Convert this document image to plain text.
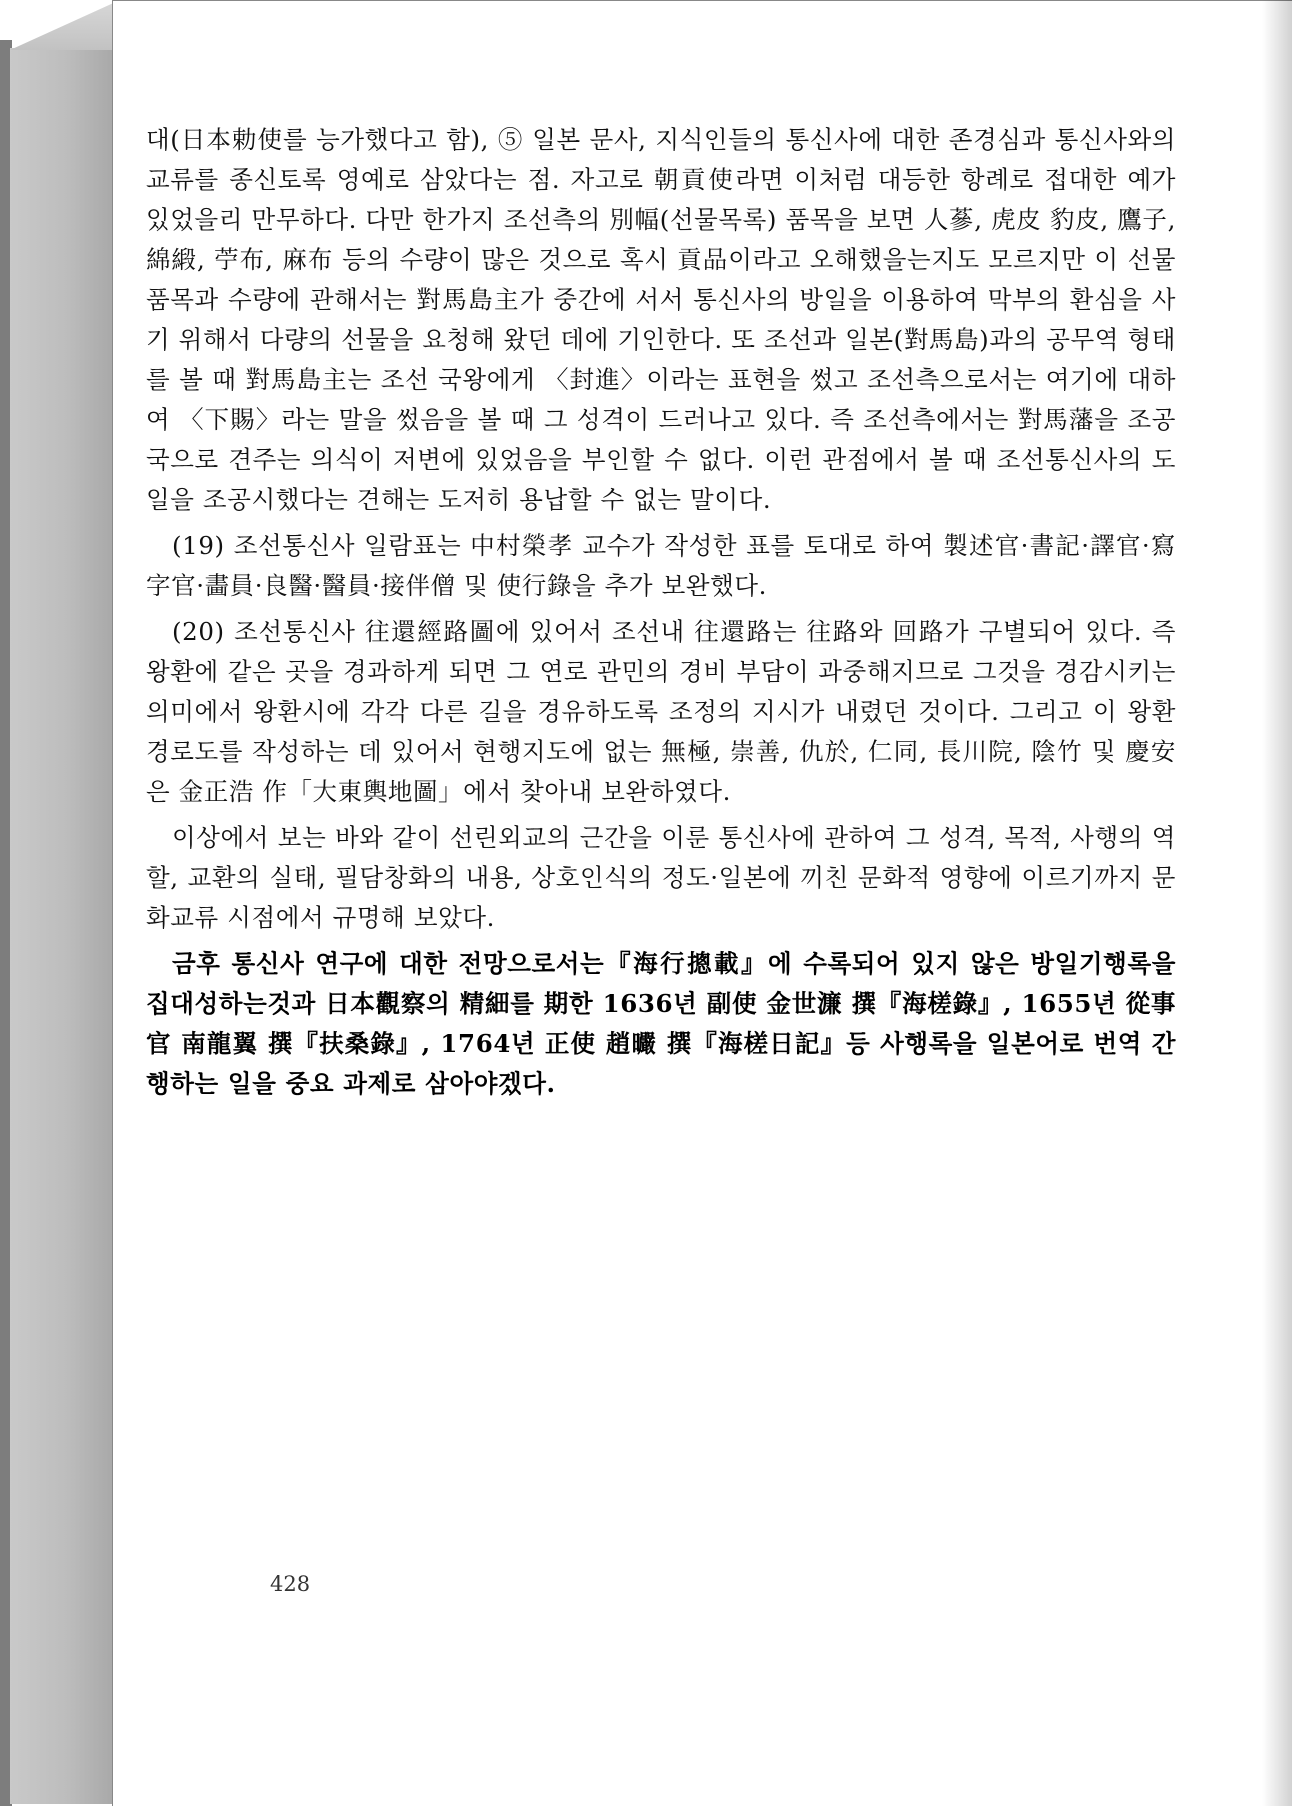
대(日本勅使를 능가했다고 함), ⑤ 일본 문사, 지식인들의 통신사에 대한 존경심과 통신사와의 교류를 종신토록 영예로 삼았다는 점. 자고로 朝貢使라면 이처럼 대등한 항례로 접대한 예가 있었을리 만무하다. 다만 한가지 조선측의 別幅(선물목록) 품목을 보면 人蔘, 虎皮 豹皮, 鷹子, 綿緞, 苧布, 麻布 등의 수량이 많은 것으로 혹시 貢品이라고 오해했을는지도 모르지만 이 선물 품목과 수량에 관해서는 對馬島主가 중간에 서서 통신사의 방일을 이용하여 막부의 환심을 사기 위해서 다량의 선물을 요청해 왔던 데에 기인한다. 또 조선과 일본(對馬島)과의 공무역 형태를 볼 때 對馬島主는 조선 국왕에게 〈封進〉이라는 표현을 썼고 조선측으로서는 여기에 대하여 〈下賜〉라는 말을 썼음을 볼 때 그 성격이 드러나고 있다. 즉 조선측에서는 對馬藩을 조공국으로 견주는 의식이 저변에 있었음을 부인할 수 없다. 이런 관점에서 볼 때 조선통신사의 도일을 조공시했다는 견해는 도저히 용납할 수 없는 말이다.

(19) 조선통신사 일람표는 中村榮孝 교수가 작성한 표를 토대로 하여 製述官·書記·譯官·寫字官·畵員·良醫·醫員·接伴僧 및 使行錄을 추가 보완했다.

(20) 조선통신사 往還經路圖에 있어서 조선내 往還路는 往路와 回路가 구별되어 있다. 즉 왕환에 같은 곳을 경과하게 되면 그 연로 관민의 경비 부담이 과중해지므로 그것을 경감시키는 의미에서 왕환시에 각각 다른 길을 경유하도록 조정의 지시가 내렸던 것이다. 그리고 이 왕환 경로도를 작성하는 데 있어서 현행지도에 없는 無極, 崇善, 仇於, 仁同, 長川院, 陰竹 및 慶安은 金正浩 作「大東輿地圖」에서 찾아내 보완하였다.

이상에서 보는 바와 같이 선린외교의 근간을 이룬 통신사에 관하여 그 성격, 목적, 사행의 역할, 교환의 실태, 필담창화의 내용, 상호인식의 정도·일본에 끼친 문화적 영향에 이르기까지 문화교류 시점에서 규명해 보았다.

금후 통신사 연구에 대한 전망으로서는『海行摠載』에 수록되어 있지 않은 방일기행록을 집대성하는것과 日本觀察의 精細를 期한 1636년 副使 金世濂 撰『海槎錄』, 1655년 從事官 南龍翼 撰『扶桑錄』, 1764년 正使 趙曮 撰『海槎日記』등 사행록을 일본어로 번역 간행하는 일을 중요 과제로 삼아야겠다.

428
